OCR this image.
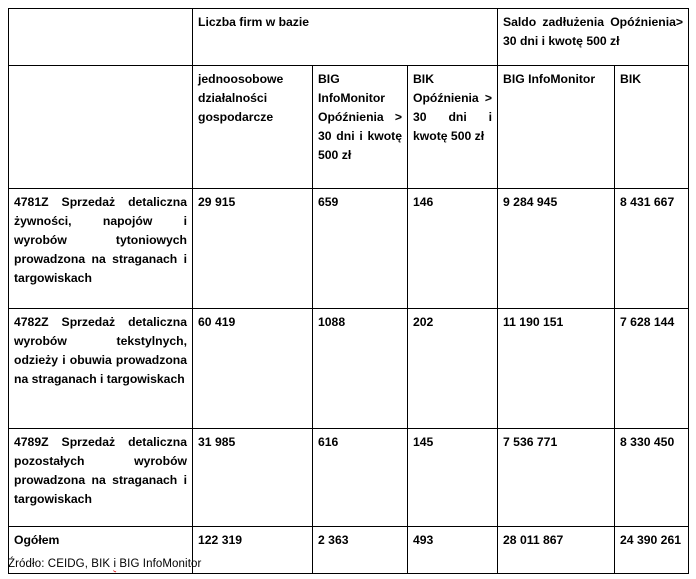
	Liczba firm w bazie			Saldo zadłużenia Opóźnienia> 30 dni i kwotę 500 zł	
	jednoosobowe działalności gospodarcze	BIG InfoMonitor Opóźnienia > 30 dni i kwotę 500 zł	BIK Opóźnienia > 30 dni i kwotę 500 zł	BIG InfoMonitor	BIK
4781Z Sprzedaż detaliczna żywności, napojów i wyrobów tytoniowych prowadzona na straganach i targowiskach	29 915	659	146	9 284 945	8 431 667
4782Z Sprzedaż detaliczna wyrobów tekstylnych, odzieży i obuwia prowadzona na straganach i targowiskach	60 419	1088	202	11 190 151	7 628 144
4789Z Sprzedaż detaliczna pozostałych wyrobów prowadzona na straganach i targowiskach	31 985	616	145	7 536 771	8 330 450
Ogółem	122 319	2 363	493	28 011 867	24 390 261
Źródło: CEIDG, BIK i BIG InfoMonitor
